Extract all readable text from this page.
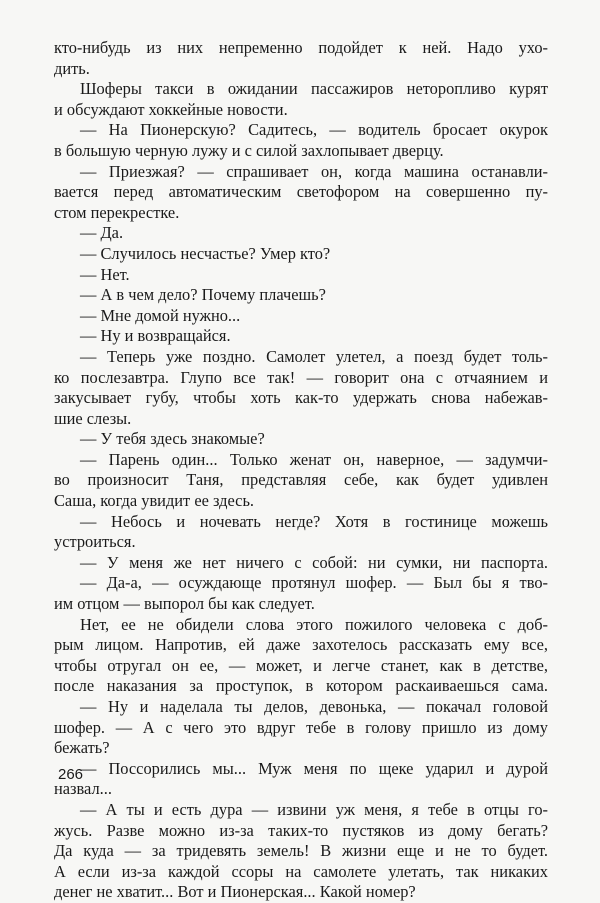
кто-нибудь из них непременно подойдет к ней. Надо ухо-
дить.
Шоферы такси в ожидании пассажиров неторопливо курят
и обсуждают хоккейные новости.
— На Пионерскую? Садитесь, — водитель бросает окурок
в большую черную лужу и с силой захлопывает дверцу.
— Приезжая? — спрашивает он, когда машина останавли-
вается перед автоматическим светофором на совершенно пу-
стом перекрестке.
— Да.
— Случилось несчастье? Умер кто?
— Нет.
— А в чем дело? Почему плачешь?
— Мне домой нужно...
— Ну и возвращайся.
— Теперь уже поздно. Самолет улетел, а поезд будет толь-
ко послезавтра. Глупо все так! — говорит она с отчаянием и
закусывает губу, чтобы хоть как-то удержать снова набежав-
шие слезы.
— У тебя здесь знакомые?
— Парень один... Только женат он, наверное, — задумчи-
во произносит Таня, представляя себе, как будет удивлен
Саша, когда увидит ее здесь.
— Небось и ночевать негде? Хотя в гостинице можешь
устроиться.
— У меня же нет ничего с собой: ни сумки, ни паспорта.
— Да-а, — осуждающе протянул шофер. — Был бы я тво-
им отцом — выпорол бы как следует.
Нет, ее не обидели слова этого пожилого человека с доб-
рым лицом. Напротив, ей даже захотелось рассказать ему все,
чтобы отругал он ее, — может, и легче станет, как в детстве,
после наказания за проступок, в котором раскаиваешься сама.
— Ну и наделала ты делов, девонька, — покачал головой
шофер. — А с чего это вдруг тебе в голову пришло из дому
бежать?
— Поссорились мы... Муж меня по щеке ударил и дурой
назвал...
— А ты и есть дура — извини уж меня, я тебе в отцы го-
жусь. Разве можно из-за таких-то пустяков из дому бегать?
Да куда — за тридевять земель! В жизни еще и не то будет.
А если из-за каждой ссоры на самолете улетать, так никаких
денег не хватит... Вот и Пионерская... Какой номер?
266
